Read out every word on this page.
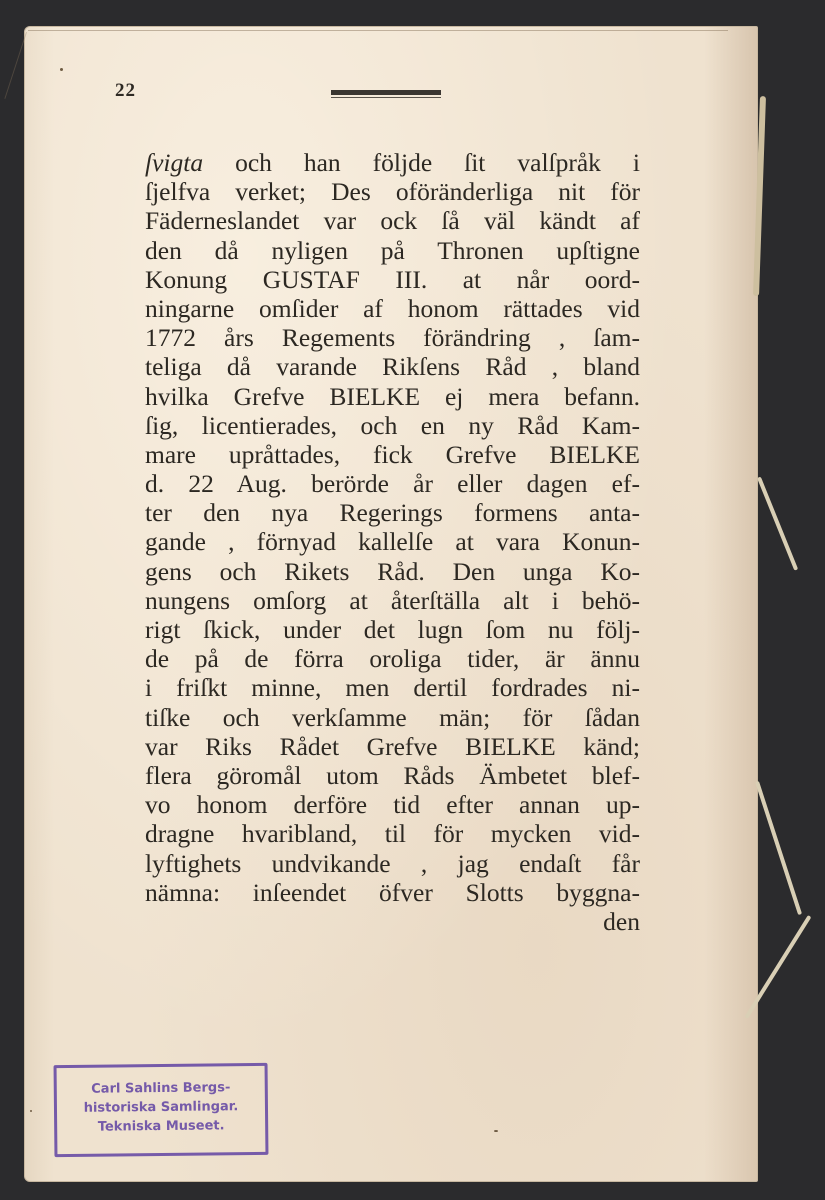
22
ſvigta och han följde ſit valſpråk i
ſjelfva verket; Des oföränderliga nit för
Fäderneslandet var ock ſå väl kändt af
den då nyligen på Thronen upſtigne
Konung GUSTAF III. at når oord-
ningarne omſider af honom rättades vid
1772 års Regements förändring , ſam-
teliga då varande Rikſens Råd , bland
hvilka Grefve BIELKE ej mera befann.
ſig, licentierades, och en ny Råd Kam-
mare upråttades, fick Grefve BIELKE
d. 22 Aug. berörde år eller dagen ef-
ter den nya Regerings formens anta-
gande , förnyad kallelſe at vara Konun-
gens och Rikets Råd. Den unga Ko-
nungens omſorg at återſtälla alt i behö-
rigt ſkick, under det lugn ſom nu följ-
de på de förra oroliga tider, är ännu
i friſkt minne, men dertil fordrades ni-
tiſke och verkſamme män; för ſådan
var Riks Rådet Grefve BIELKE känd;
flera göromål utom Råds Ämbetet blef-
vo honom derföre tid efter annan up-
dragne hvaribland, til för mycken vid-
lyftighets undvikande , jag endaſt får
nämna: inſeendet öfver Slotts byggna-
den
Carl Sahlins Bergs-
historiska Samlingar.
Tekniska Museet.
